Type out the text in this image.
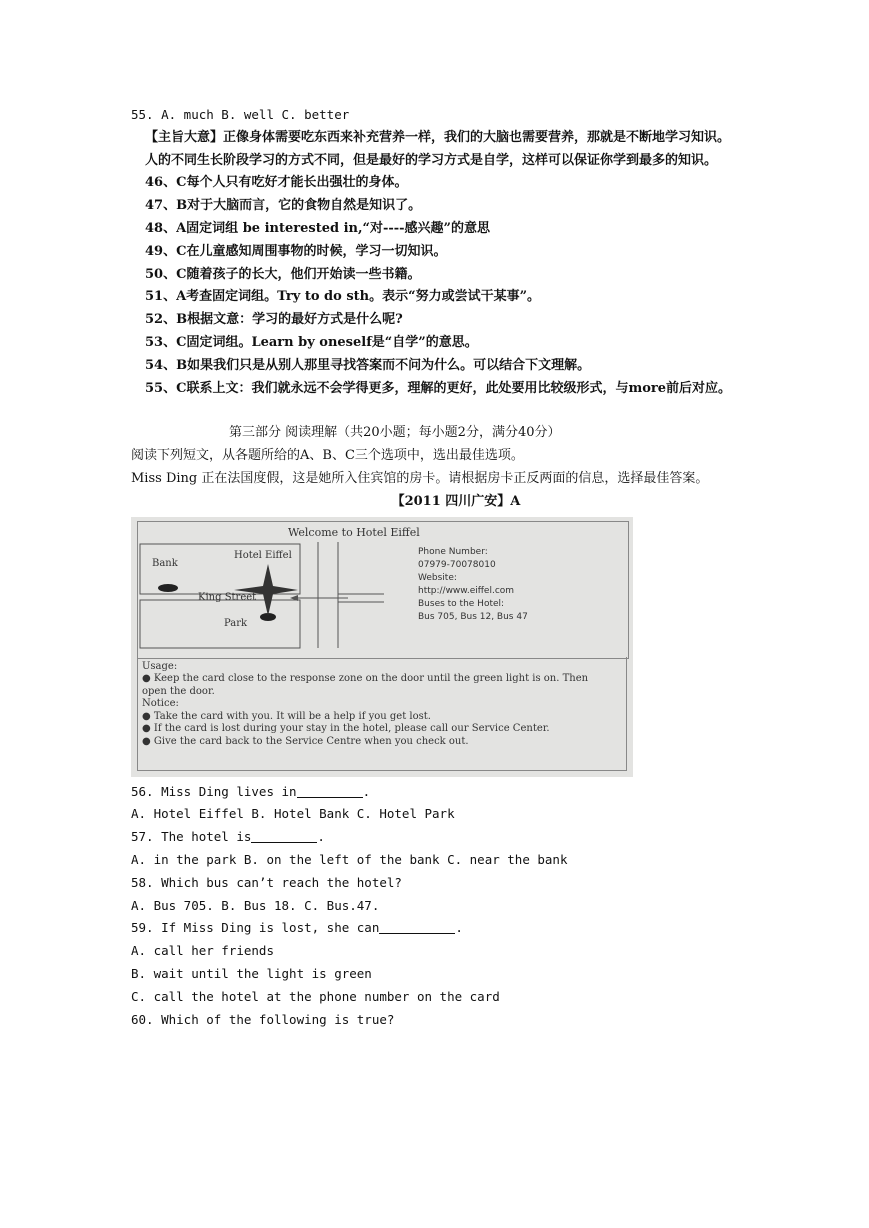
55. A. much B. well C. better
【主旨大意】正像身体需要吃东西来补充营养一样，我们的大脑也需要营养，那就是不断地学习知识。人的不同生长阶段学习的方式不同，但是最好的学习方式是自学，这样可以保证你学到最多的知识。
46、C每个人只有吃好才能长出强壮的身体。
47、B对于大脑而言，它的食物自然是知识了。
48、A固定词组 be interested in,“对----感兴趣”的意思
49、C在儿童感知周围事物的时候，学习一切知识。
50、C随着孩子的长大，他们开始读一些书籍。
51、A考查固定词组。Try to do sth。表示“努力或尝试干某事”。
52、B根据文意：学习的最好方式是什么呢?
53、C固定词组。Learn by oneself是“自学”的意思。
54、B如果我们只是从别人那里寻找答案而不问为什么。可以结合下文理解。
55、C联系上文：我们就永远不会学得更多，理解的更好，此处要用比较级形式，与more前后对应。
第三部分 阅读理解（共20小题；每小题2分，满分40分）
阅读下列短文，从各题所给的A、B、C三个选项中，选出最佳选项。
Miss Ding 正在法国度假，这是她所入住宾馆的房卡。请根据房卡正反两面的信息，选择最佳答案。
【2011 四川广安】A
Welcome to Hotel Eiffel
Bank
Hotel Eiffel
King Street
Park
Phone Number:
07979-70078010
Website:
http://www.eiffel.com
Buses to the Hotel:
Bus 705, Bus 12, Bus 47
Usage:
● Keep the card close to the response zone on the door until the green light is on. Then
open the door.
Notice:
● Take the card with you. It will be a help if you get lost.
● If the card is lost during your stay in the hotel, please call our Service Center.
● Give the card back to the Service Centre when you check out.
56. Miss Ding lives in	.
A. Hotel Eiffel B. Hotel Bank C. Hotel Park
57. The hotel is	.
A. in the park B. on the left of the bank C. near the bank
58. Which bus can’t reach the hotel?
A. Bus 705. B. Bus 18. C. Bus.47.
59. If Miss Ding is lost, she can	.
A. call her friends
B. wait until the light is green
C. call the hotel at the phone number on the card
60. Which of the following is true?
